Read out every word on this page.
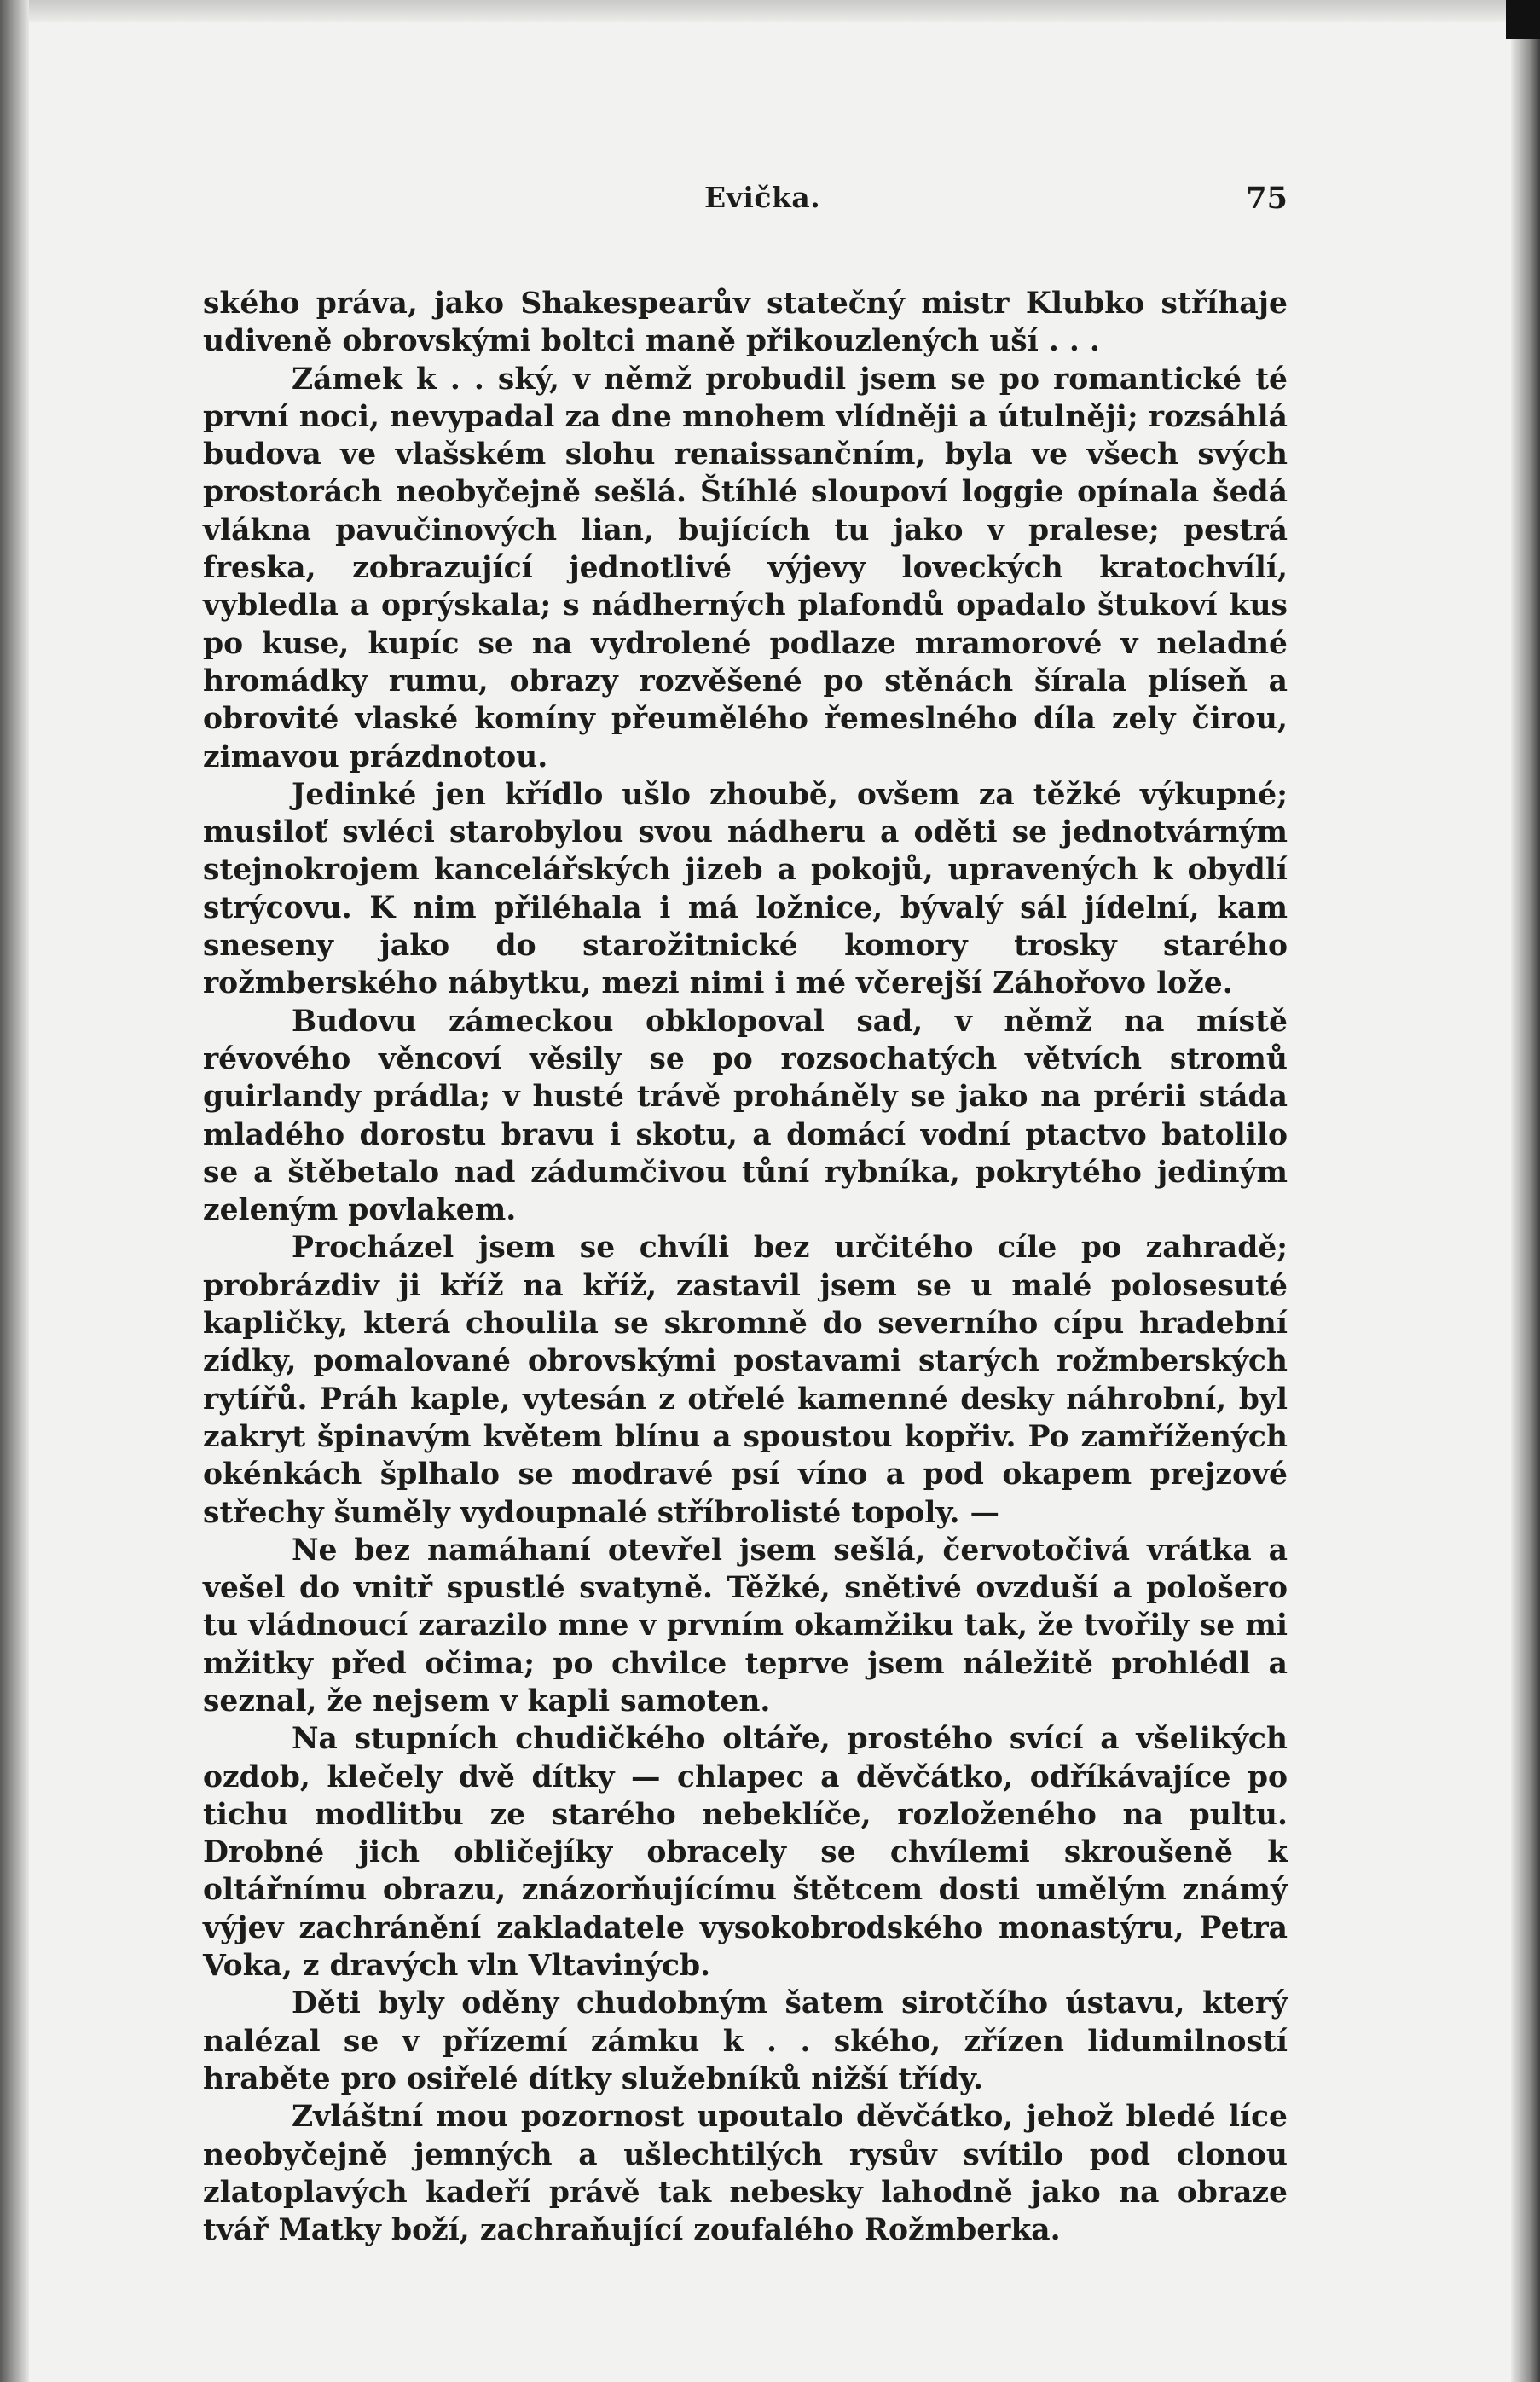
Evička.	75

ského práva, jako Shakespearův statečný mistr Klubko stříhaje udiveně obrovskými boltci maně přikouzlených uší . . .

Zámek k . . ský, v němž probudil jsem se po romantické té první noci, nevypadal za dne mnohem vlídněji a útulněji; rozsáhlá budova ve vlašském slohu renaissančním, byla ve všech svých prostorách neobyčejně sešlá. Štíhlé sloupoví loggie opínala šedá vlákna pavučinových lian, bujících tu jako v pralese; pestrá freska, zobrazující jednotlivé výjevy loveckých kratochvílí, vybledla a oprýskala; s nádherných plafondů opadalo štukoví kus po kuse, kupíc se na vydrolené podlaze mramorové v neladné hromádky rumu, obrazy rozvěšené po stěnách šírala plíseň a obrovité vlaské komíny přeumělého řemeslného díla zely čirou, zimavou prázdnotou.

Jedinké jen křídlo ušlo zhoubě, ovšem za těžké výkupné; musiloť svléci starobylou svou nádheru a oděti se jednotvárným stejnokrojem kancelářských jizeb a pokojů, upravených k obydlí strýcovu. K nim přiléhala i má ložnice, bývalý sál jídelní, kam sneseny jako do starožitnické komory trosky starého rožmberského nábytku, mezi nimi i mé včerejší Záhořovo lože.

Budovu zámeckou obklopoval sad, v němž na místě révového věncoví věsily se po rozsochatých větvích stromů guirlandy prádla; v husté trávě proháněly se jako na prérii stáda mladého dorostu bravu i skotu, a domácí vodní ptactvo batolilo se a štěbetalo nad zádumčivou tůní rybníka, pokrytého jediným zeleným povlakem.

Procházel jsem se chvíli bez určitého cíle po zahradě; probrázdiv ji kříž na kříž, zastavil jsem se u malé polosesuté kapličky, která choulila se skromně do severního cípu hradební zídky, pomalované obrovskými postavami starých rožmberských rytířů. Práh kaple, vytesán z otřelé kamenné desky náhrobní, byl zakryt špinavým květem blínu a spoustou kopřiv. Po zamřížených okénkách šplhalo se modravé psí víno a pod okapem prejzové střechy šuměly vydoupnalé stříbrolisté topoly. —

Ne bez namáhaní otevřel jsem sešlá, červotočivá vrátka a vešel do vnitř spustlé svatyně. Těžké, snětivé ovzduší a pološero tu vládnoucí zarazilo mne v prvním okamžiku tak, že tvořily se mi mžitky před očima; po chvilce teprve jsem náležitě prohlédl a seznal, že nejsem v kapli samoten.

Na stupních chudičkého oltáře, prostého svící a všelikých ozdob, klečely dvě dítky — chlapec a děvčátko, odříkávajíce po tichu modlitbu ze starého nebeklíče, rozloženého na pultu. Drobné jich obličejíky obracely se chvílemi skroušeně k oltářnímu obrazu, znázorňujícímu štětcem dosti umělým známý výjev zachránění zakladatele vysokobrodského monastýru, Petra Voka, z dravých vln Vltavinýcb.

Děti byly oděny chudobným šatem sirotčího ústavu, který nalézal se v přízemí zámku k . . ského, zřízen lidumilností hraběte pro osiřelé dítky služebníků nižší třídy.

Zvláštní mou pozornost upoutalo děvčátko, jehož bledé líce neobyčejně jemných a ušlechtilých rysův svítilo pod clonou zlatoplavých kadeří právě tak nebesky lahodně jako na obraze tvář Matky boží, zachraňující zoufalého Rožmberka.
